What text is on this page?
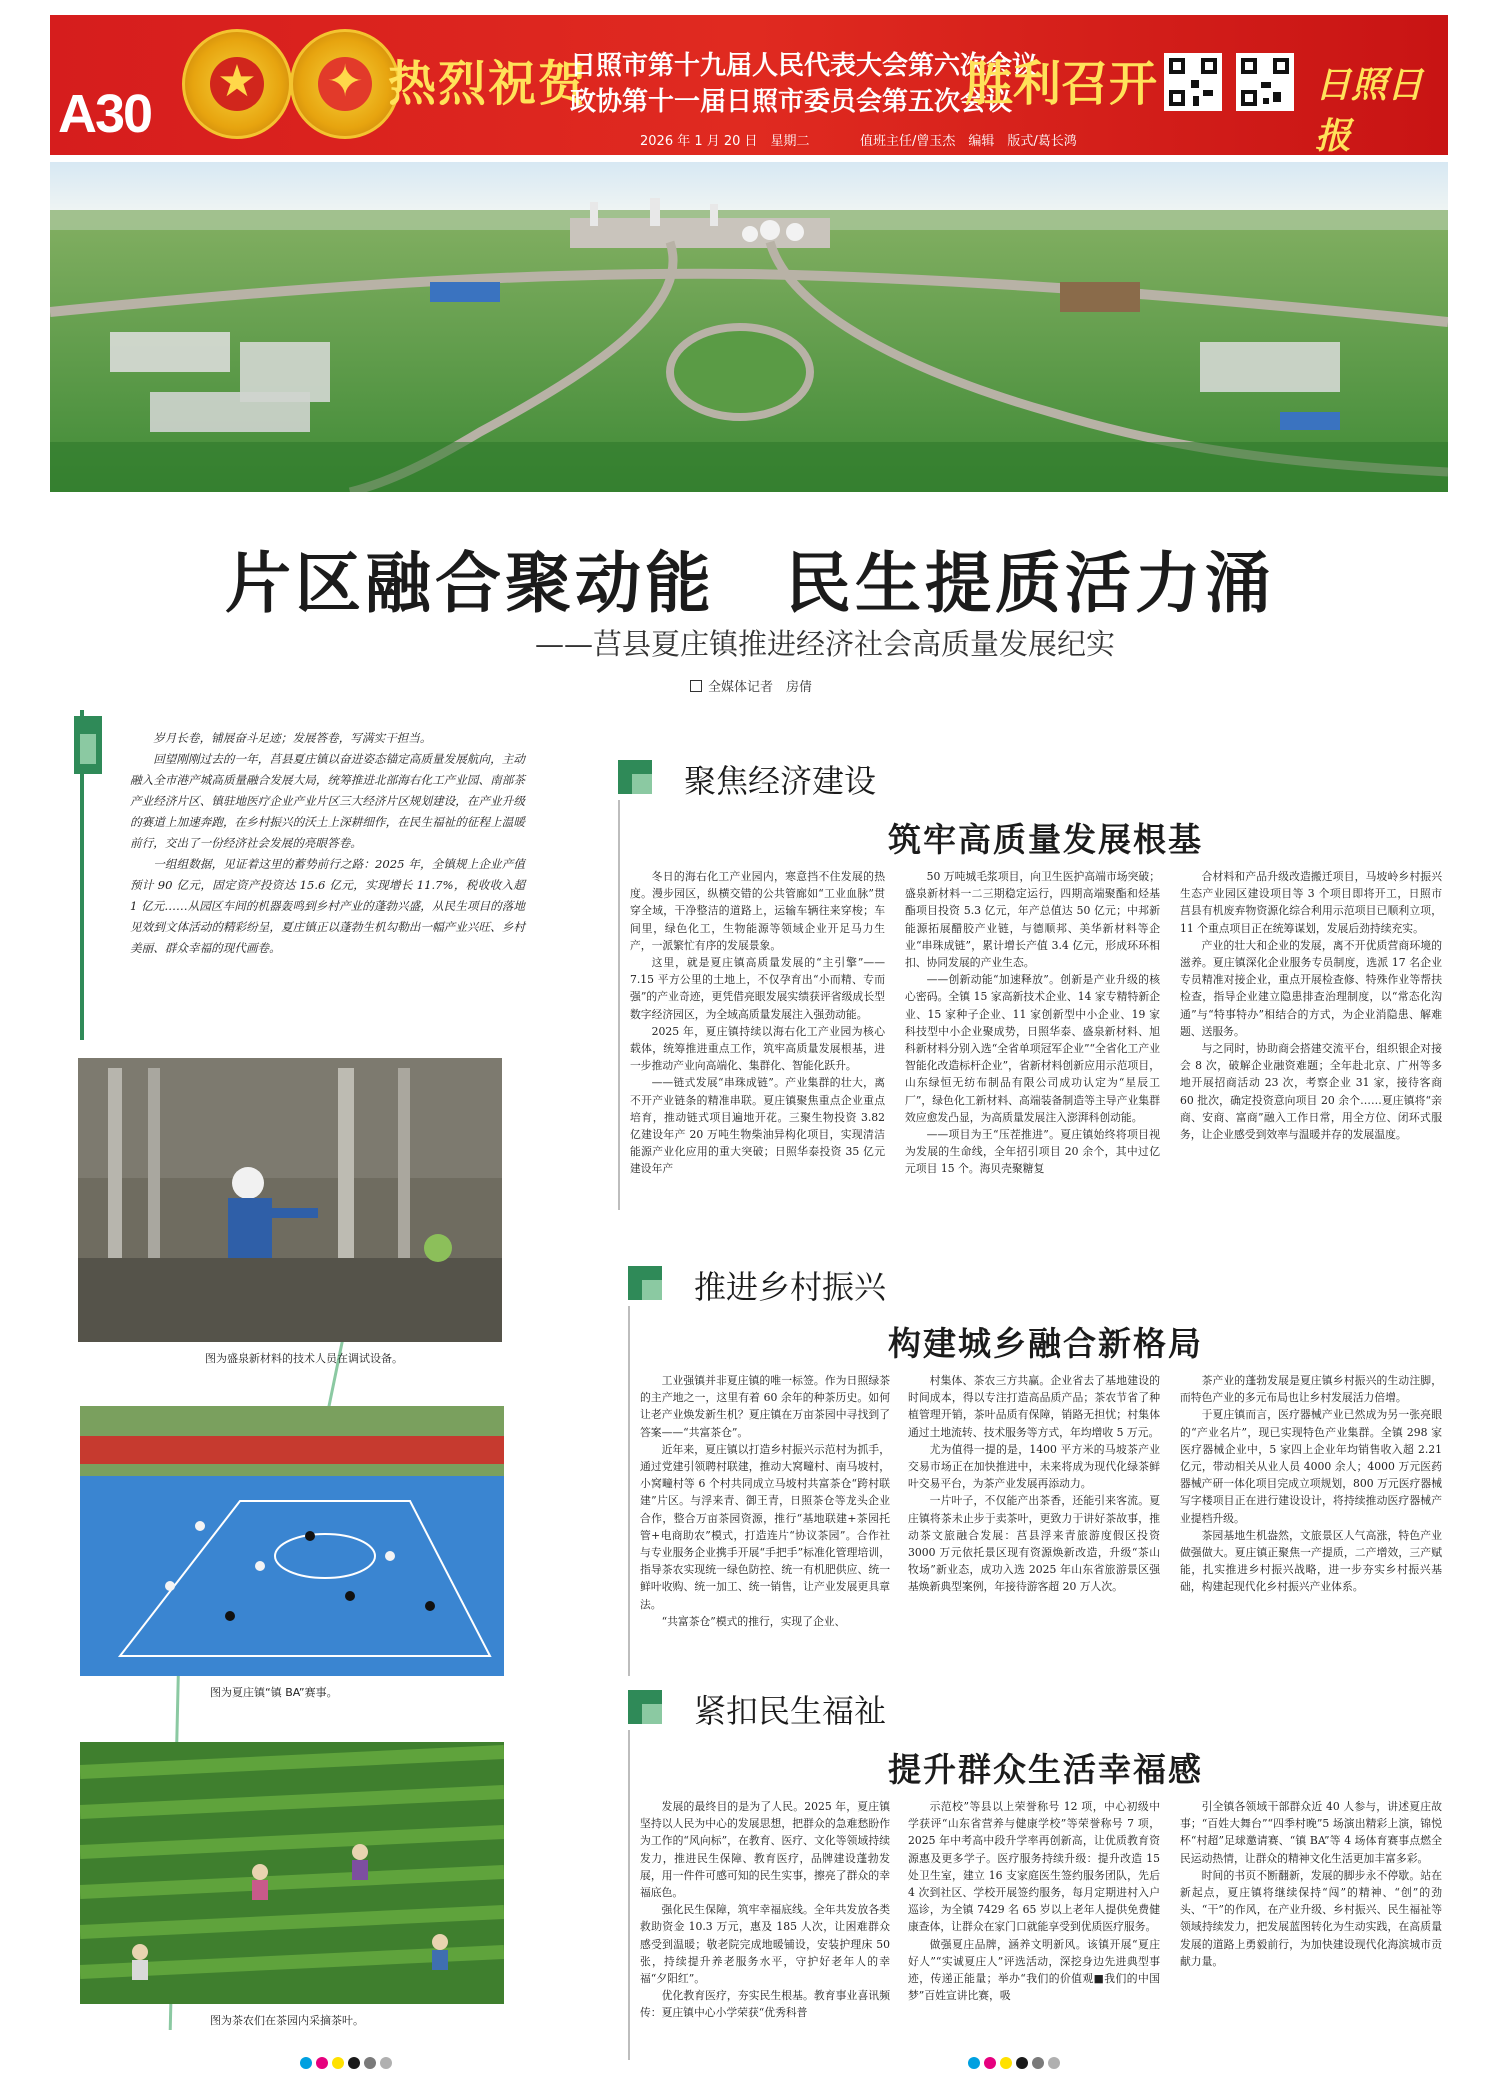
A30
★	✦ 热烈祝贺
日照市第十九届人民代表大会第六次会议
政协第十一届日照市委员会第五次会议
胜利召开	日照日报
2026 年 1 月 20 日　星期二	值班主任/曾玉杰　编辑　版式/葛长鸿
片区融合聚动能　民生提质活力涌
——莒县夏庄镇推进经济社会高质量发展纪实
全媒体记者　房倩

岁月长卷，铺展奋斗足迹；发展答卷，写满实干担当。

回望刚刚过去的一年，莒县夏庄镇以奋进姿态锚定高质量发展航向，主动融入全市港产城高质量融合发展大局，统筹推进北部海右化工产业园、南部茶产业经济片区、镇驻地医疗企业产业片区三大经济片区规划建设，在产业升级的赛道上加速奔跑，在乡村振兴的沃土上深耕细作，在民生福祉的征程上温暖前行，交出了一份经济社会发展的亮眼答卷。

一组组数据，见证着这里的蓄势前行之路：2025 年，全镇规上企业产值预计 90 亿元，固定资产投资达 15.6 亿元，实现增长 11.7%，税收收入超 1 亿元……从园区车间的机器轰鸣到乡村产业的蓬勃兴盛，从民生项目的落地见效到文体活动的精彩纷呈，夏庄镇正以蓬勃生机勾勒出一幅产业兴旺、乡村美丽、群众幸福的现代画卷。

图为盛泉新材料的技术人员在调试设备。
图为夏庄镇“镇 BA”赛事。
图为茶农们在茶园内采摘茶叶。
聚焦经济建设
筑牢高质量发展根基

冬日的海右化工产业园内，寒意挡不住发展的热度。漫步园区，纵横交错的公共管廊如“工业血脉”贯穿全域，干净整洁的道路上，运输车辆往来穿梭；车间里，绿色化工，生物能源等领域企业开足马力生产，一派繁忙有序的发展景象。

这里，就是夏庄镇高质量发展的“主引擎”——7.15 平方公里的土地上，不仅孕育出“小而精、专而强”的产业奇迹，更凭借亮眼发展实绩获评省级成长型数字经济园区，为全域高质量发展注入强劲动能。

2025 年，夏庄镇持续以海右化工产业园为核心载体，统筹推进重点工作，筑牢高质量发展根基，进一步推动产业向高端化、集群化、智能化跃升。

——链式发展“串珠成链”。产业集群的壮大，离不开产业链条的精准串联。夏庄镇聚焦重点企业重点培育，推动链式项目遍地开花。三聚生物投资 3.82 亿建设年产 20 万吨生物柴油异构化项目，实现清洁能源产业化应用的重大突破；日照华泰投资 35 亿元建设年产

50 万吨城毛浆项目，向卫生医护高端市场突破；盛泉新材料一二三期稳定运行，四期高端聚酯和烃基酯项目投资 5.3 亿元，年产总值达 50 亿元；中邦新能源拓展醋胶产业链，与德顺邦、美华新材料等企业“串珠成链”，累计增长产值 3.4 亿元，形成环环相扣、协同发展的产业生态。

——创新动能“加速释放”。创新是产业升级的核心密码。全镇 15 家高新技术企业、14 家专精特新企业、15 家种子企业、11 家创新型中小企业、19 家科技型中小企业聚成势，日照华泰、盛泉新材料、旭科新材料分别入选“全省单项冠军企业”“全省化工产业智能化改造标杆企业”，省新材料创新应用示范项目，山东绿恒无纺布制品有限公司成功认定为“星辰工厂”，绿色化工新材料、高端装备制造等主导产业集群效应愈发凸显，为高质量发展注入澎湃科创动能。

——项目为王“压茬推进”。夏庄镇始终将项目视为发展的生命线，全年招引项目 20 余个，其中过亿元项目 15 个。海贝壳聚糖复

合材料和产品升级改造搬迁项目，马坡岭乡村振兴生态产业园区建设项目等 3 个项目即将开工，日照市莒县有机废弃物资源化综合利用示范项目已顺利立项，11 个重点项目正在统筹谋划，发展后劲持续充实。

产业的壮大和企业的发展，离不开优质营商环境的滋养。夏庄镇深化企业服务专员制度，选派 17 名企业专员精准对接企业，重点开展检查修、特殊作业等帮扶检查，指导企业建立隐患排查治理制度，以“常态化沟通”与“特事特办”相结合的方式，为企业消隐患、解难题、送服务。

与之同时，协助商会搭建交流平台，组织银企对接会 8 次，破解企业融资难题；全年赴北京、广州等多地开展招商活动 23 次，考察企业 31 家，接待客商 60 批次，确定投资意向项目 20 余个……夏庄镇将“亲商、安商、富商”融入工作日常，用全方位、闭环式服务，让企业感受到效率与温暖并存的发展温度。

推进乡村振兴
构建城乡融合新格局

工业强镇并非夏庄镇的唯一标签。作为日照绿茶的主产地之一，这里有着 60 余年的种茶历史。如何让老产业焕发新生机？夏庄镇在万亩茶园中寻找到了答案——“共富茶仓”。

近年来，夏庄镇以打造乡村振兴示范村为抓手，通过党建引领聘村联建，推动大窝疃村、南马坡村，小窝疃村等 6 个村共同成立马坡村共富茶仓“跨村联建”片区。与浮来青、御王青，日照茶仓等龙头企业合作，整合万亩茶园资源，推行“基地联建+茶园托管+电商助农”模式，打造连片“协议茶园”。合作社与专业服务企业携手开展“手把手”标准化管理培训，指导茶农实现统一绿色防控、统一有机肥供应、统一鲜叶收购、统一加工、统一销售，让产业发展更具章法。

“共富茶仓”模式的推行，实现了企业、

村集体、茶农三方共赢。企业省去了基地建设的时间成本，得以专注打造高品质产品；茶农节省了种植管理开销，茶叶品质有保障，销路无担忧；村集体通过土地流转、技术服务等方式，年均增收 5 万元。

尤为值得一提的是，1400 平方米的马坡茶产业交易市场正在加快推进中，未来将成为现代化绿茶鲜叶交易平台，为茶产业发展再添动力。

一片叶子，不仅能产出茶香，还能引来客流。夏庄镇将茶未止步于卖茶叶，更致力于讲好茶故事，推动茶文旅融合发展：莒县浮来青旅游度假区投资 3000 万元依托景区现有资源焕新改造，升级“茶山牧场”新业态，成功入选 2025 年山东省旅游景区强基焕新典型案例，年接待游客超 20 万人次。

茶产业的蓬勃发展是夏庄镇乡村振兴的生动注脚，而特色产业的多元布局也让乡村发展活力倍增。

于夏庄镇而言，医疗器械产业已然成为另一张亮眼的“产业名片”，现已实现特色产业集群。全镇 298 家医疗器械企业中，5 家四上企业年均销售收入超 2.21 亿元，带动相关从业人员 4000 余人；4000 万元医药器械产研一体化项目完成立项规划，800 万元医疗器械写字楼项目正在进行建设设计，将持续推动医疗器械产业提档升级。

茶园基地生机盎然，文旅景区人气高涨，特色产业做强做大。夏庄镇正聚焦一产提质，二产增效，三产赋能，扎实推进乡村振兴战略，进一步夯实乡村振兴基础，构建起现代化乡村振兴产业体系。

紧扣民生福祉
提升群众生活幸福感

发展的最终目的是为了人民。2025 年，夏庄镇坚持以人民为中心的发展思想，把群众的急难愁盼作为工作的“风向标”，在教育、医疗、文化等领域持续发力，推进民生保障、教育医疗，品牌建设蓬勃发展，用一件件可感可知的民生实事，擦亮了群众的幸福底色。

强化民生保障，筑牢幸福底线。全年共发放各类救助资金 10.3 万元，惠及 185 人次，让困难群众感受到温暖；敬老院完成地暖铺设，安装护理床 50 张，持续提升养老服务水平，守护好老年人的幸福“夕阳红”。

优化教育医疗，夯实民生根基。教育事业喜讯频传：夏庄镇中心小学荣获“优秀科普

示范校”等县以上荣誉称号 12 项，中心初级中学获评“山东省营养与健康学校”等荣誉称号 7 项，2025 年中考高中段升学率再创新高，让优质教育资源惠及更多学子。医疗服务持续升级：提升改造 15 处卫生室，建立 16 支家庭医生签约服务团队，先后 4 次到社区、学校开展签约服务，每月定期进村入户巡诊，为全镇 7429 名 65 岁以上老年人提供免费健康查体，让群众在家门口就能享受到优质医疗服务。

做强夏庄品牌，涵养文明新风。该镇开展“夏庄好人”“实诚夏庄人”评选活动，深挖身边先进典型事迹，传递正能量；举办“我们的价值观■我们的中国梦”百姓宣讲比赛，吸

引全镇各领域干部群众近 40 人参与，讲述夏庄故事；“百姓大舞台”“四季村晚”5 场演出精彩上演，锦悦杯“村超”足球邀请赛、“镇 BA”等 4 场体育赛事点燃全民运动热情，让群众的精神文化生活更加丰富多彩。

时间的书页不断翻新，发展的脚步永不停歇。站在新起点，夏庄镇将继续保持“闯”的精神、“创”的劲头、“干”的作风，在产业升级、乡村振兴、民生福祉等领域持续发力，把发展蓝图转化为生动实践，在高质量发展的道路上勇毅前行，为加快建设现代化海滨城市贡献力量。
